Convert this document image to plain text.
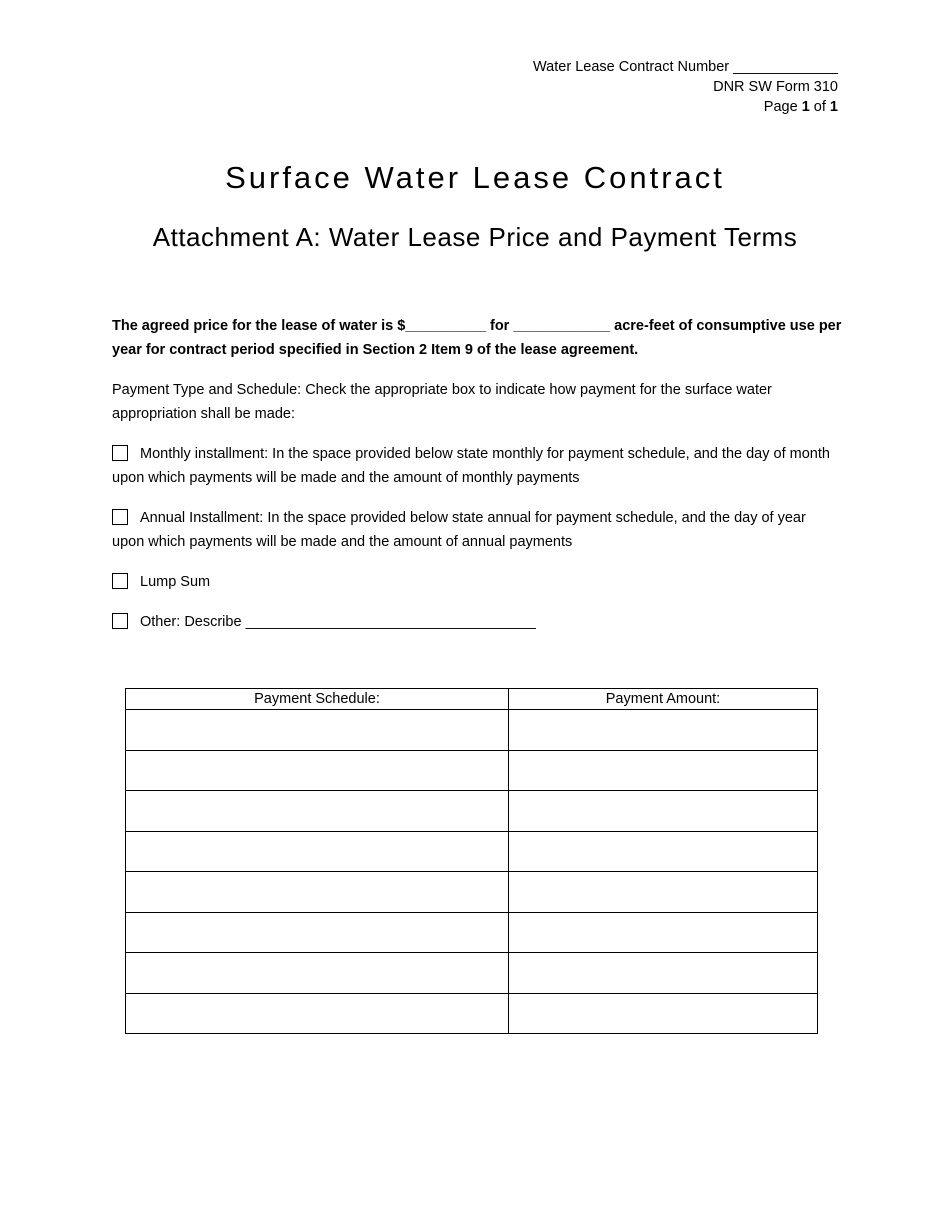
Water Lease Contract Number _____________
DNR SW Form 310
Page 1 of 1
Surface Water Lease Contract
Attachment A: Water Lease Price and Payment Terms

The agreed price for the lease of water is $__________ for ____________ acre-feet of consumptive use per year for contract period specified in Section 2 Item 9 of the lease agreement.

Payment Type and Schedule: Check the appropriate box to indicate how payment for the surface water appropriation shall be made:

Monthly installment: In the space provided below state monthly for payment schedule, and the day of month upon which payments will be made and the amount of monthly payments
Annual Installment: In the space provided below state annual for payment schedule, and the day of year upon which payments will be made and the amount of annual payments
Lump Sum
Other: Describe ____________________________________
Payment Schedule:	Payment Amount:
